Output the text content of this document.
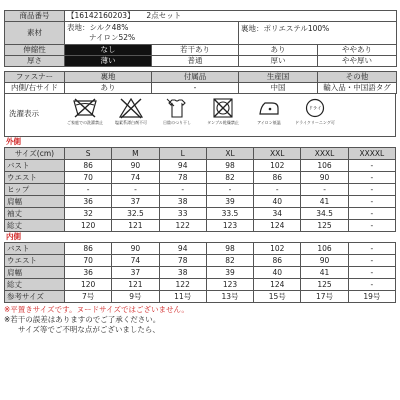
商品番号	【16142160203】 2点セット			
素材	表地：シルク48%
ナイロン52%		裏地：ポリエステル100%	
伸縮性	なし	若干あり	あり	ややあり
厚さ	薄い	普通	厚い	やや厚い
ファスナー	裏地	付属品	生産国	その他
内側/右サイド	あり	-	中国	輸入品・中国語タグ
洗濯表示
ご家庭での洗濯禁止	塩素系漂白剤不可	日陰のつり干し	タンブル乾燥禁止	アイロン低温
ドライ
ドライクリーニング可
外側
サイズ(cm)	S	M	L	XL	XXL	XXXL	XXXXL
バスト	86	90	94	98	102	106	-
ウエスト	70	74	78	82	86	90	-
ヒップ	-	-	-	-	-	-	-
肩幅	36	37	38	39	40	41	-
袖丈	32	32.5	33	33.5	34	34.5	-
総丈	120	121	122	123	124	125	-
内側
バスト	86	90	94	98	102	106	-
ウエスト	70	74	78	82	86	90	-
肩幅	36	37	38	39	40	41	-
総丈	120	121	122	123	124	125	-
参考サイズ	7号	9号	11号	13号	15号	17号	19号
※平置きサイズです。ヌードサイズではございません。
※若干の誤差はありますのでご了承ください。
サイズ等でご不明な点がございましたら、
